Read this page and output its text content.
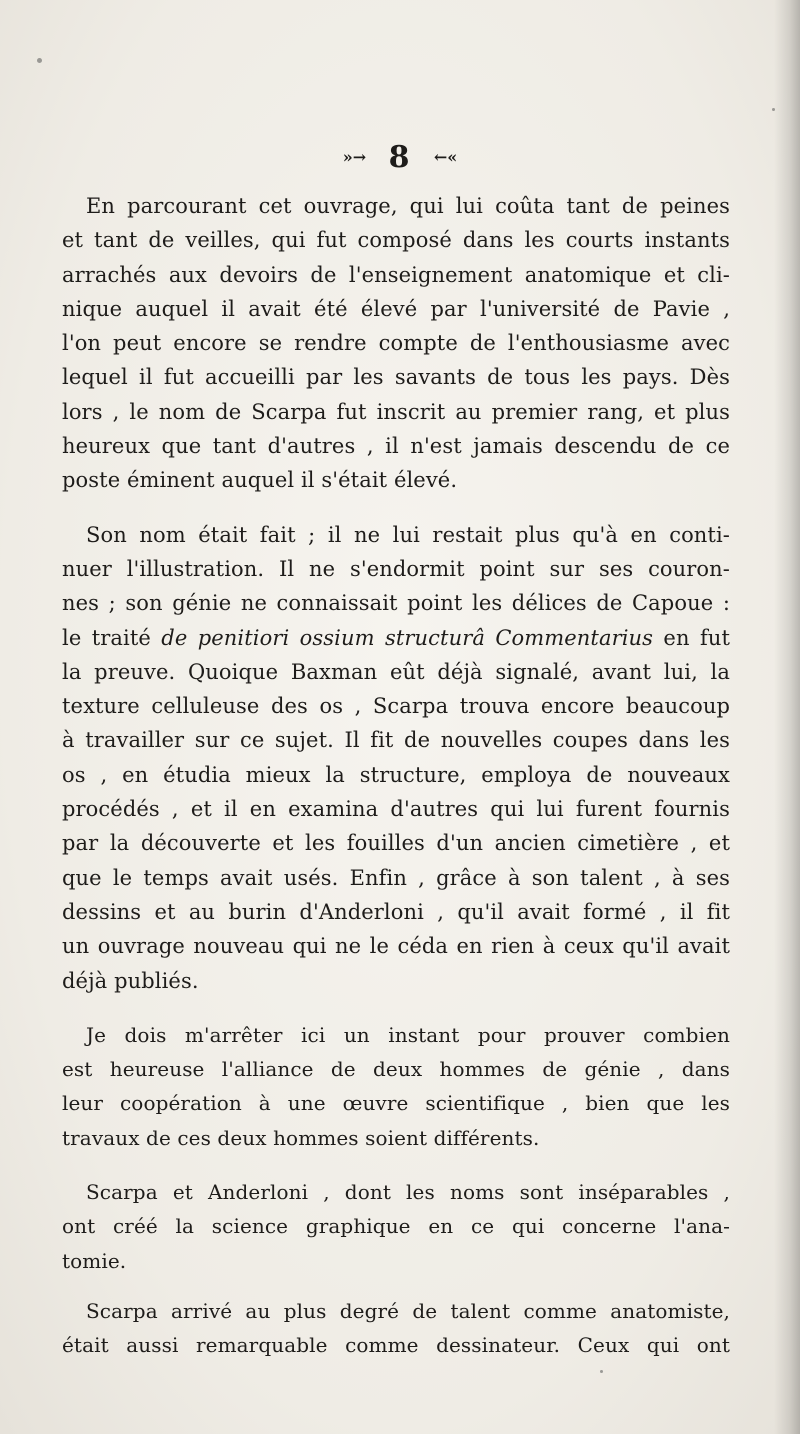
»→ 8 ←«
En parcourant cet ouvrage, qui lui coûta tant de peines
et tant de veilles, qui fut composé dans les courts instants
arrachés aux devoirs de l'enseignement anatomique et cli-
nique auquel il avait été élevé par l'université de Pavie ,
l'on peut encore se rendre compte de l'enthousiasme avec
lequel il fut accueilli par les savants de tous les pays. Dès
lors , le nom de Scarpa fut inscrit au premier rang, et plus
heureux que tant d'autres , il n'est jamais descendu de ce
poste éminent auquel il s'était élevé.
Son nom était fait ; il ne lui restait plus qu'à en conti-
nuer l'illustration. Il ne s'endormit point sur ses couron-
nes ; son génie ne connaissait point les délices de Capoue :
le traité de penitiori ossium structurâ Commentarius en fut
la preuve. Quoique Baxman eût déjà signalé, avant lui, la
texture celluleuse des os , Scarpa trouva encore beaucoup
à travailler sur ce sujet. Il fit de nouvelles coupes dans les
os , en étudia mieux la structure, employa de nouveaux
procédés , et il en examina d'autres qui lui furent fournis
par la découverte et les fouilles d'un ancien cimetière , et
que le temps avait usés. Enfin , grâce à son talent , à ses
dessins et au burin d'Anderloni , qu'il avait formé , il fit
un ouvrage nouveau qui ne le céda en rien à ceux qu'il avait
déjà publiés.
Je dois m'arrêter ici un instant pour prouver combien
est heureuse l'alliance de deux hommes de génie , dans
leur coopération à une œuvre scientifique , bien que les
travaux de ces deux hommes soient différents.
Scarpa et Anderloni , dont les noms sont inséparables ,
ont créé la science graphique en ce qui concerne l'ana-
tomie.
Scarpa arrivé au plus degré de talent comme anatomiste,
était aussi remarquable comme dessinateur. Ceux qui ont
